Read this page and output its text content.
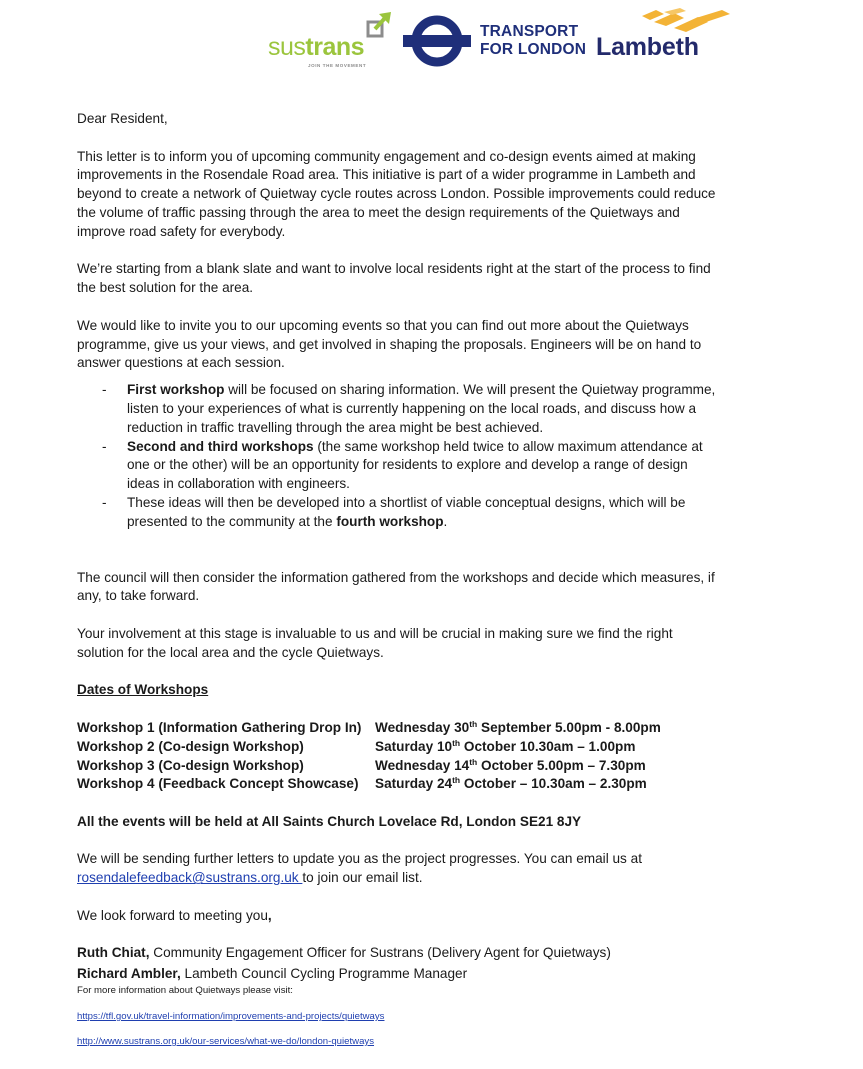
sustrans
JOIN THE MOVEMENT
TRANSPORT
FOR LONDON Lambeth

Dear Resident,

This letter is to inform you of upcoming community engagement and co-design events aimed at making improvements in the Rosendale Road area. This initiative is part of a wider programme in Lambeth and beyond to create a network of Quietway cycle routes across London. Possible improvements could reduce the volume of traffic passing through the area to meet the design requirements of the Quietways and improve road safety for everybody.

We’re starting from a blank slate and want to involve local residents right at the start of the process to find the best solution for the area.

We would like to invite you to our upcoming events so that you can find out more about the Quietways programme, give us your views, and get involved in shaping the proposals. Engineers will be on hand to answer questions at each session.

- First workshop will be focused on sharing information. We will present the Quietway programme, listen to your experiences of what is currently happening on the local roads, and discuss how a reduction in traffic travelling through the area might be best achieved.
- Second and third workshops (the same workshop held twice to allow maximum attendance at one or the other) will be an opportunity for residents to explore and develop a range of design ideas in collaboration with engineers.
- These ideas will then be developed into a shortlist of viable conceptual designs, which will be presented to the community at the fourth workshop.

The council will then consider the information gathered from the workshops and decide which measures, if any, to take forward.

Your involvement at this stage is invaluable to us and will be crucial in making sure we find the right solution for the local area and the cycle Quietways.

Dates of Workshops

Workshop 1 (Information Gathering Drop In) Wednesday 30th September 5.00pm - 8.00pm
Workshop 2 (Co-design Workshop)	Saturday 10th October 10.30am – 1.00pm
Workshop 3 (Co-design Workshop)	Wednesday 14th October 5.00pm – 7.30pm
Workshop 4 (Feedback Concept Showcase)	Saturday 24th October – 10.30am – 2.30pm

All the events will be held at All Saints Church Lovelace Rd, London SE21 8JY

We will be sending further letters to update you as the project progresses. You can email us at
rosendalefeedback@sustrans.org.uk to join our email list.

We look forward to meeting you,

Ruth Chiat, Community Engagement Officer for Sustrans (Delivery Agent for Quietways)

Richard Ambler, Lambeth Council Cycling Programme Manager

For more information about Quietways please visit:

https://tfl.gov.uk/travel-information/improvements-and-projects/quietways

http://www.sustrans.org.uk/our-services/what-we-do/london-quietways
